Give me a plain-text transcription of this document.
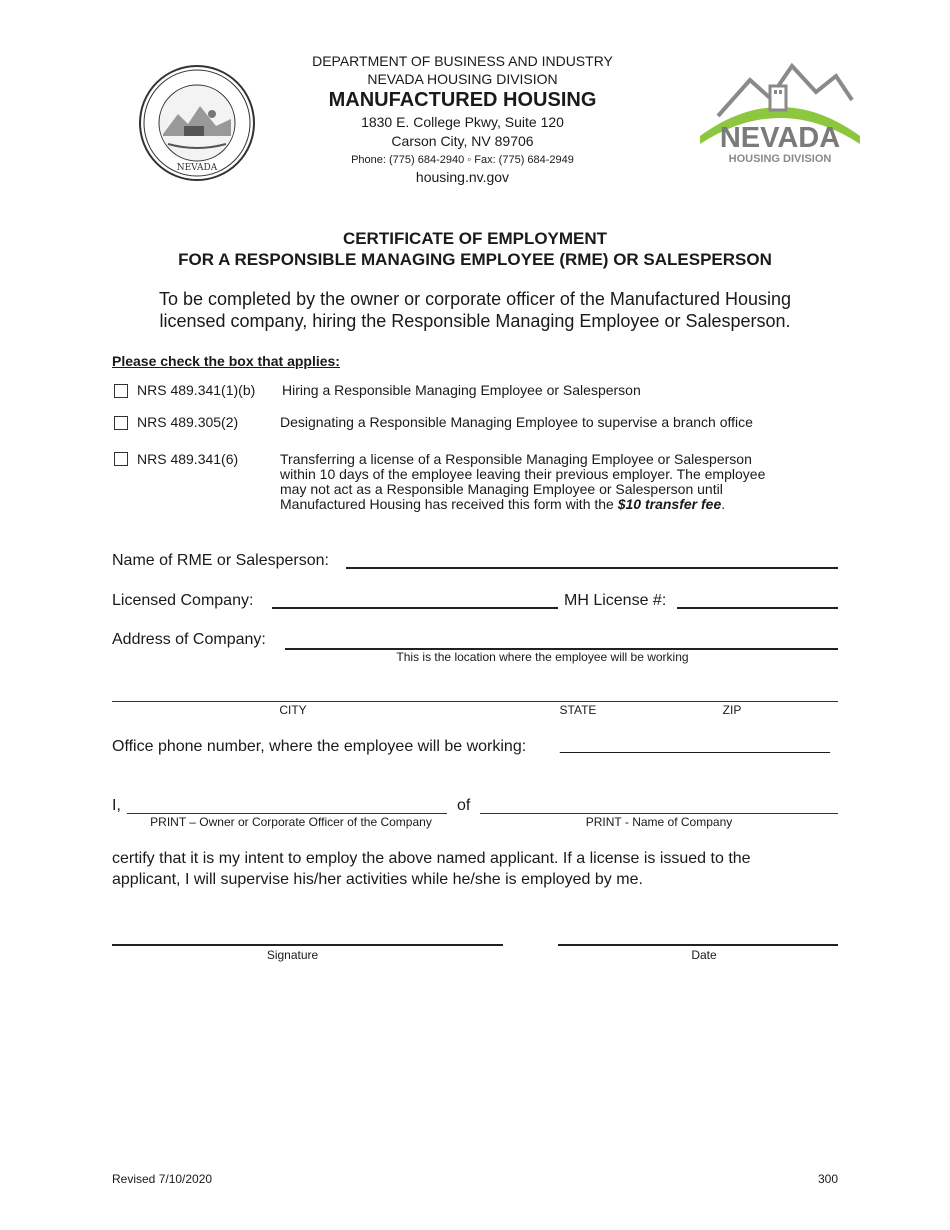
NEVADA
DEPARTMENT OF BUSINESS AND INDUSTRY
NEVADA HOUSING DIVISION
MANUFACTURED HOUSING
1830 E. College Pkwy, Suite 120
Carson City, NV 89706
Phone: (775) 684-2940 ◦ Fax: (775) 684-2949
housing.nv.gov
NEVADA
HOUSING DIVISION
CERTIFICATE OF EMPLOYMENT
FOR A RESPONSIBLE MANAGING EMPLOYEE (RME) OR SALESPERSON
To be completed by the owner or corporate officer of the Manufactured Housing
licensed company, hiring the Responsible Managing Employee or Salesperson.
Please check the box that applies:
NRS 489.341(1)(b) Hiring a Responsible Managing Employee or Salesperson
NRS 489.305(2)	Designating a Responsible Managing Employee to supervise a branch office
NRS 489.341(6)	Transferring a license of a Responsible Managing Employee or Salesperson
within 10 days of the employee leaving their previous employer. The employee
may not act as a Responsible Managing Employee or Salesperson until
Manufactured Housing has received this form with the $10 transfer fee.
Name of RME or Salesperson:
Licensed Company:	MH License #:
Address of Company:
This is the location where the employee will be working
CITY	STATE	ZIP
Office phone number, where the employee will be working: _______________________________
I,
PRINT – Owner or Corporate Officer of the Company
of
PRINT - Name of Company
certify that it is my intent to employ the above named applicant. If a license is issued to the
applicant, I will supervise his/her activities while he/she is employed by me.
Signature	Date
Revised 7/10/2020	300
